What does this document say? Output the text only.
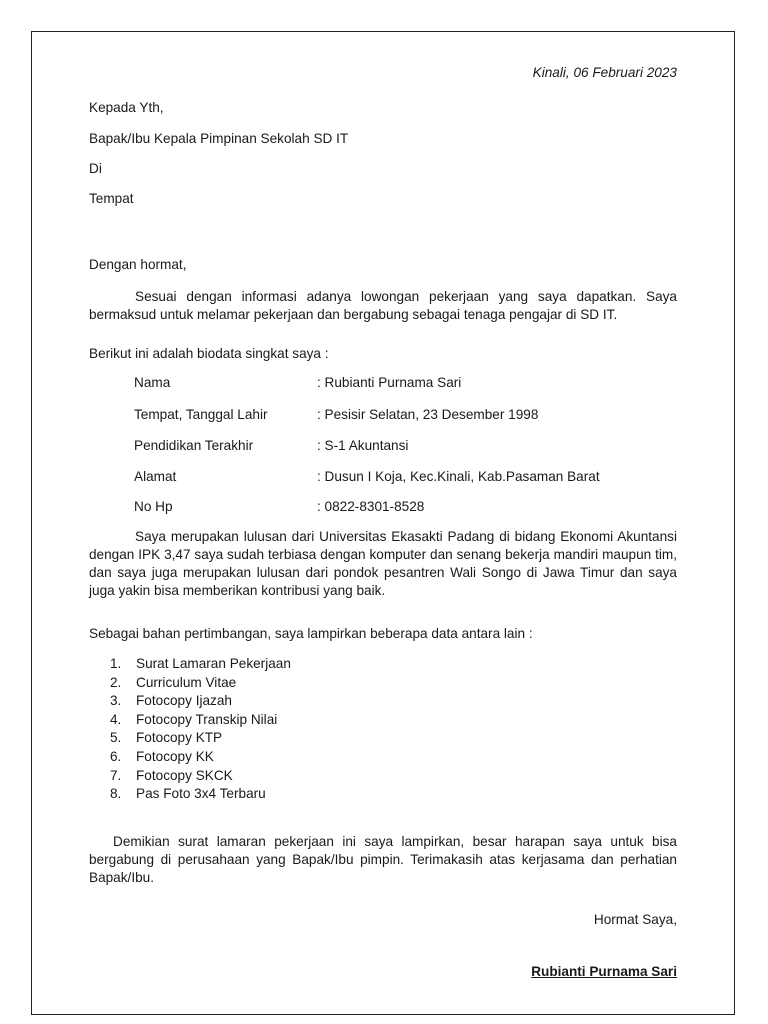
Kinali, 06 Februari 2023
Kepada Yth,
Bapak/Ibu Kepala Pimpinan Sekolah SD IT
Di
Tempat
Dengan hormat,
Sesuai dengan informasi adanya lowongan pekerjaan yang saya dapatkan. Saya bermaksud untuk melamar pekerjaan dan bergabung sebagai tenaga pengajar di SD IT.
Berikut ini adalah biodata singkat saya :
Nama	: Rubianti Purnama Sari
Tempat, Tanggal Lahir	: Pesisir Selatan, 23 Desember 1998
Pendidikan Terakhir	: S-1 Akuntansi
Alamat	: Dusun I Koja, Kec.Kinali, Kab.Pasaman Barat
No Hp	: 0822-8301-8528
Saya merupakan lulusan dari Universitas Ekasakti Padang di bidang Ekonomi Akuntansi dengan IPK 3,47 saya sudah terbiasa dengan komputer dan senang bekerja mandiri maupun tim, dan saya juga merupakan lulusan dari pondok pesantren Wali Songo di Jawa Timur dan saya juga yakin bisa memberikan kontribusi yang baik.
Sebagai bahan pertimbangan, saya lampirkan beberapa data antara lain :
1. Surat Lamaran Pekerjaan
2. Curriculum Vitae
3. Fotocopy Ijazah
4. Fotocopy Transkip Nilai
5. Fotocopy KTP
6. Fotocopy KK
7. Fotocopy SKCK
8. Pas Foto 3x4 Terbaru
Demikian surat lamaran pekerjaan ini saya lampirkan, besar harapan saya untuk bisa bergabung di perusahaan yang Bapak/Ibu pimpin. Terimakasih atas kerjasama dan perhatian Bapak/Ibu.
Hormat Saya,
Rubianti Purnama Sari
